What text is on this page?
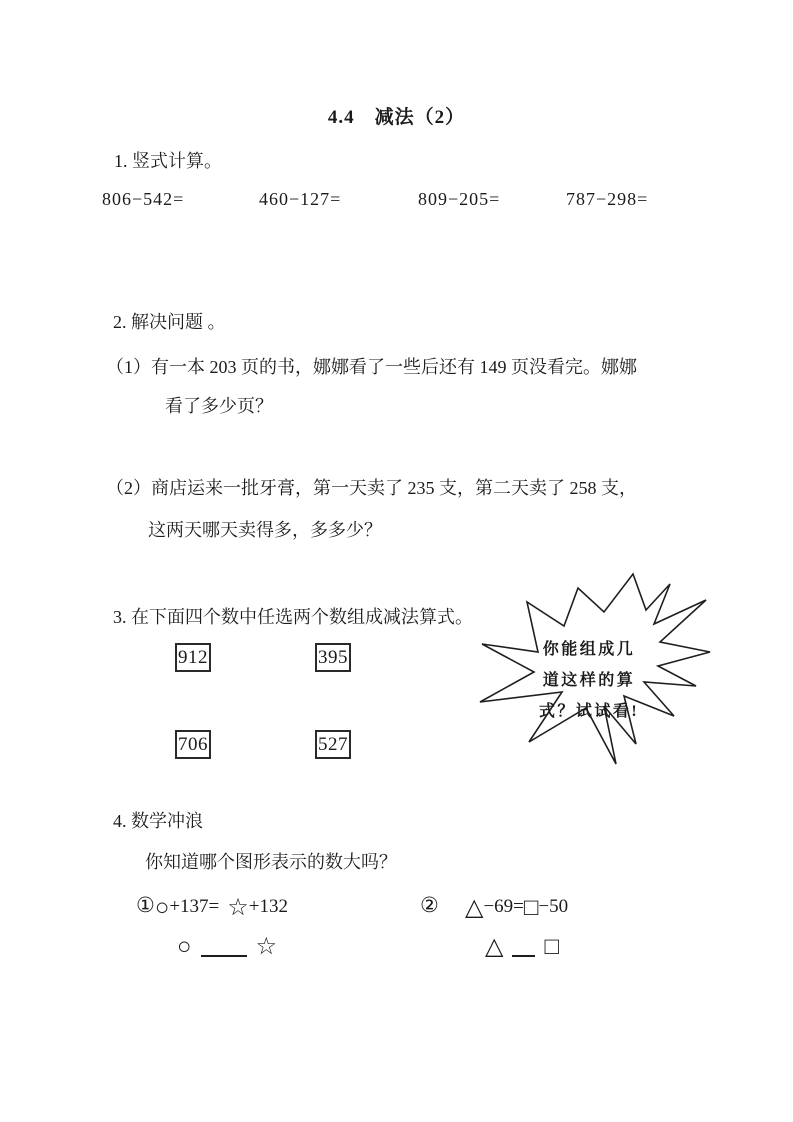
4.4　减法（2）
1. 竖式计算。
806−542=	460−127=	809−205=	787−298=
2. 解决问题 。
（1）有一本 203 页的书，娜娜看了一些后还有 149 页没看完。娜娜
看了多少页？
（2）商店运来一批牙膏，第一天卖了 235 支，第二天卖了 258 支，
这两天哪天卖得多，多多少？
3. 在下面四个数中任选两个数组成减法算式。
912	395
706	527
你能组成几
道这样的算
式？试试看!
4. 数学冲浪
你知道哪个图形表示的数大吗？
①○+137= ☆+132	② △−69=□−50
○	☆	△ □
